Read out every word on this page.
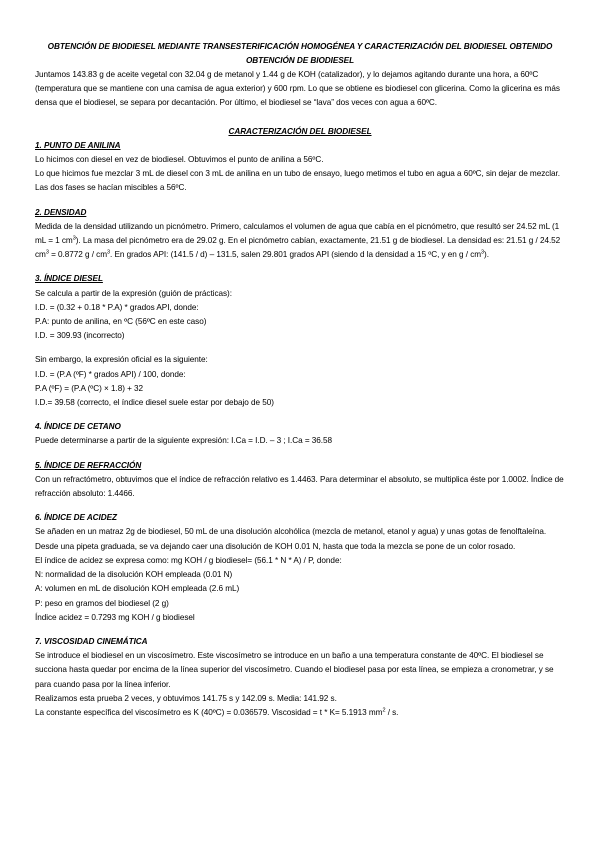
OBTENCIÓN DE BIODIESEL MEDIANTE TRANSESTERIFICACIÓN HOMOGÉNEA Y CARACTERIZACIÓN DEL BIODIESEL OBTENIDO

OBTENCIÓN DE BIODIESEL

Juntamos 143.83 g de aceite vegetal con 32.04 g de metanol y 1.44 g de KOH (catalizador), y lo dejamos agitando durante una hora, a 60ºC (temperatura que se mantiene con una camisa de agua exterior) y 600 rpm. Lo que se obtiene es biodiesel con glicerina. Como la glicerina es más densa que el biodiesel, se separa por decantación. Por último, el biodiesel se “lava” dos veces con agua a 60ºC.

CARACTERIZACIÓN DEL BIODIESEL

1. PUNTO DE ANILINA

Lo hicimos con diesel en vez de biodiesel. Obtuvimos el punto de anilina a 56ºC.

Lo que hicimos fue mezclar 3 mL de diesel con 3 mL de anilina en un tubo de ensayo, luego metimos el tubo en agua a 60ºC, sin dejar de mezclar. Las dos fases se hacían miscibles a 56ºC.

2. DENSIDAD

Medida de la densidad utilizando un picnómetro. Primero, calculamos el volumen de agua que cabía en el picnómetro, que resultó ser 24.52 mL (1 mL = 1 $cm^3$). La masa del picnómetro era de 29.02 g. En el picnómetro cabían, exactamente, 21.51 g de biodiesel. La densidad es: 21.51 g / 24.52 $cm^3 = 0.8772$ g / $cm^3$. En grados API: (141.5 / d) – 131.5, salen 29.801 grados API (siendo d la densidad a 15 ºC, y en g / $cm^3$).

3. ÍNDICE DIESEL

Se calcula a partir de la expresión (guión de prácticas):

I.D. = (0.32 + 0.18 * P.A) * grados API, donde:

P.A: punto de anilina, en ºC (56ºC en este caso)

I.D. = 309.93 (incorrecto)

Sin embargo, la expresión oficial es la siguiente:

I.D. = (P.A (ºF) * grados API) / 100, donde:

P.A (ºF) = (P.A (ºC) × 1.8) + 32

I.D.= 39.58 (correcto, el índice diesel suele estar por debajo de 50)

4. ÍNDICE DE CETANO

Puede determinarse a partir de la siguiente expresión: I.Ca = I.D. – 3 ; I.Ca = 36.58

5. ÍNDICE DE REFRACCIÓN

Con un refractómetro, obtuvimos que el índice de refracción relativo es 1.4463. Para determinar el absoluto, se multiplica éste por 1.0002. Índice de refracción absoluto: 1.4466.

6. ÍNDICE DE ACIDEZ

Se añaden en un matraz 2g de biodiesel, 50 mL de una disolución alcohólica (mezcla de metanol, etanol y agua) y unas gotas de fenolftaleína. Desde una pipeta graduada, se va dejando caer una disolución de KOH 0.01 N, hasta que toda la mezcla se pone de un color rosado.

El índice de acidez se expresa como: mg KOH / g biodiesel= (56.1 * N * A) / P, donde:

N: normalidad de la disolución KOH empleada (0.01 N)

A: volumen en mL de disolución KOH empleada (2.6 mL)

P: peso en gramos del biodiesel (2 g)

Índice acidez = 0.7293 mg KOH / g biodiesel

7. VISCOSIDAD CINEMÁTICA

Se introduce el biodiesel en un viscosímetro. Este viscosímetro se introduce en un baño a una temperatura constante de 40ºC. El biodiesel se succiona hasta quedar por encima de la línea superior del viscosímetro. Cuando el biodiesel pasa por esta línea, se empieza a cronometrar, y se para cuando pasa por la línea inferior.

Realizamos esta prueba 2 veces, y obtuvimos 141.75 s y 142.09 s. Media: 141.92 s.

La constante específica del viscosímetro es K (40ºC) = 0.036579. Viscosidad = t * K= 5.1913 $mm^2$ / s.
